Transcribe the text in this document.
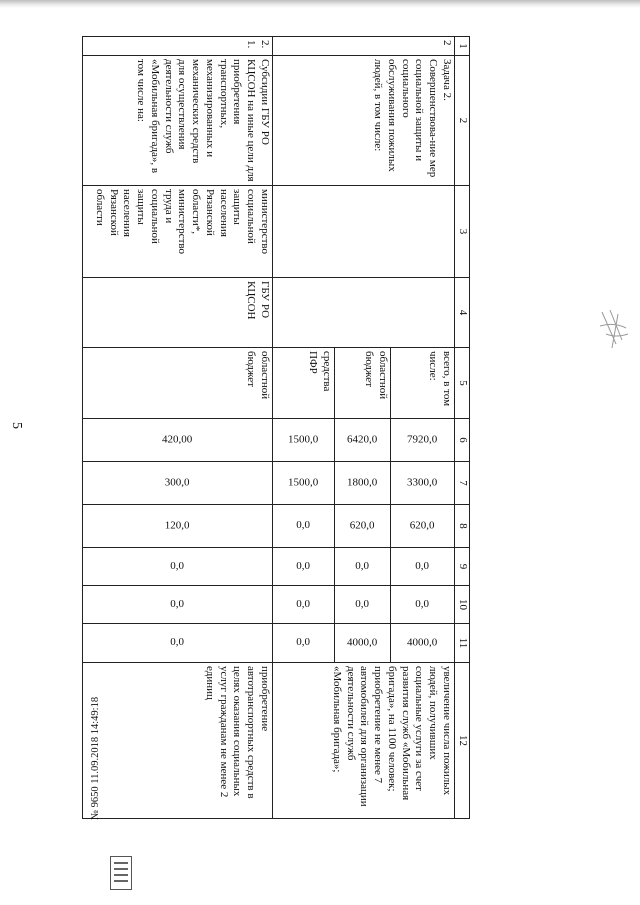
5
1	2	3	4	5	6	7	8	9	10	11	12
2	Задача 2. Совершенствова-ние мер социальной защиты и социального обслуживания пожилых людей, в том числе:			всего, в том числе:	7920,0	3300,0	620,0	0,0	0,0	4000,0	увеличение числа пожилых людей, получивших социальные услуги за счет развития служб «Мобильная бригада», на 1100 человек; приобретение не менее 7 автомобилей для организации деятельности служб «Мобильная бригада»;
				областной бюджет	6420,0	1800,0	620,0	0,0	0,0	4000,0	
				средства ПФР	1500,0	1500,0	0,0	0,0	0,0	0,0	
2.1.	Субсидии ГБУ РО КЦСОН на иные цели для приобретения транспортных, механизированных и механических средств для осуществления деятельности служб «Мобильная бригада», в том числе на:	министерство социальной защиты населения Рязанской области*, министерство труда и социальной защиты населения Рязанской области	ГБУ РО КЦСОН	областной бюджет	420,00	300,0	120,0	0,0	0,0	0,0	приобретение автотранспортных средств в целях оказания социальных услуг гражданам не менее 2 единиц
№ 9650 11.09.2018 14:49:18
